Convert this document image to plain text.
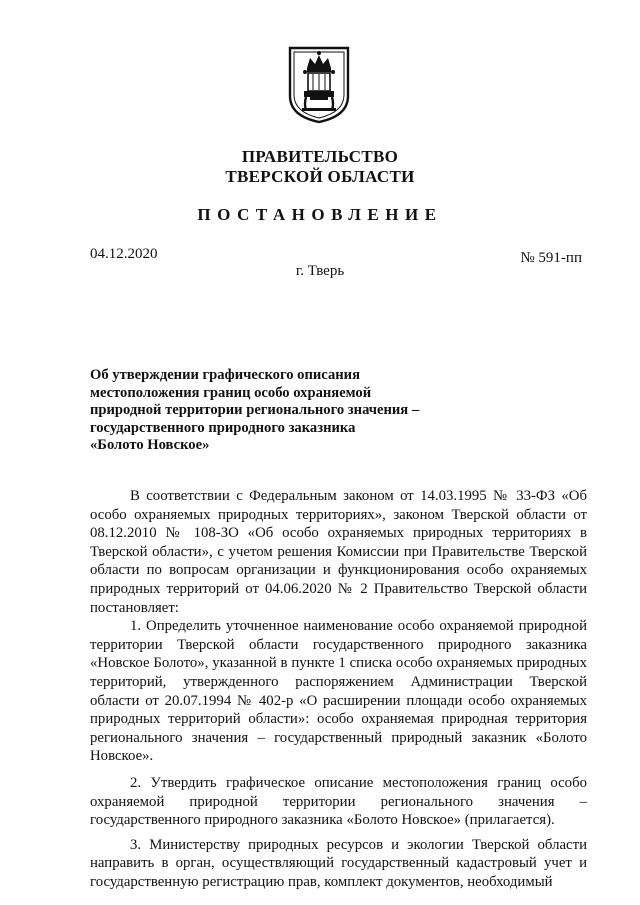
ПРАВИТЕЛЬСТВО
ТВЕРСКОЙ ОБЛАСТИ
ПОСТАНОВЛЕНИЕ
04.12.2020	№ 591-пп
г. Тверь
Об утверждении графического описания
местоположения границ особо охраняемой
природной территории регионального значения –
государственного природного заказника
«Болото Новское»

В соответствии с Федеральным законом от 14.03.1995 № 33-ФЗ «Об особо охраняемых природных территориях», законом Тверской области от 08.12.2010 № 108-ЗО «Об особо охраняемых природных территориях в Тверской области», с учетом решения Комиссии при Правительстве Тверской области по вопросам организации и функционирования особо охраняемых природных территорий от 04.06.2020 № 2 Правительство Тверской области постановляет:

1. Определить уточненное наименование особо охраняемой природной территории Тверской области государственного природного заказника «Новское Болото», указанной в пункте 1 списка особо охраняемых природных территорий, утвержденного распоряжением Администрации Тверской области от 20.07.1994 № 402-р «О расширении площади особо охраняемых природных территорий области»: особо охраняемая природная территория регионального значения – государственный природный заказник «Болото Новское».

2. Утвердить графическое описание местоположения границ особо охраняемой природной территории регионального значения – государственного природного заказника «Болото Новское» (прилагается).

3. Министерству природных ресурсов и экологии Тверской области направить в орган, осуществляющий государственный кадастровый учет и государственную регистрацию прав, комплект документов, необходимый
